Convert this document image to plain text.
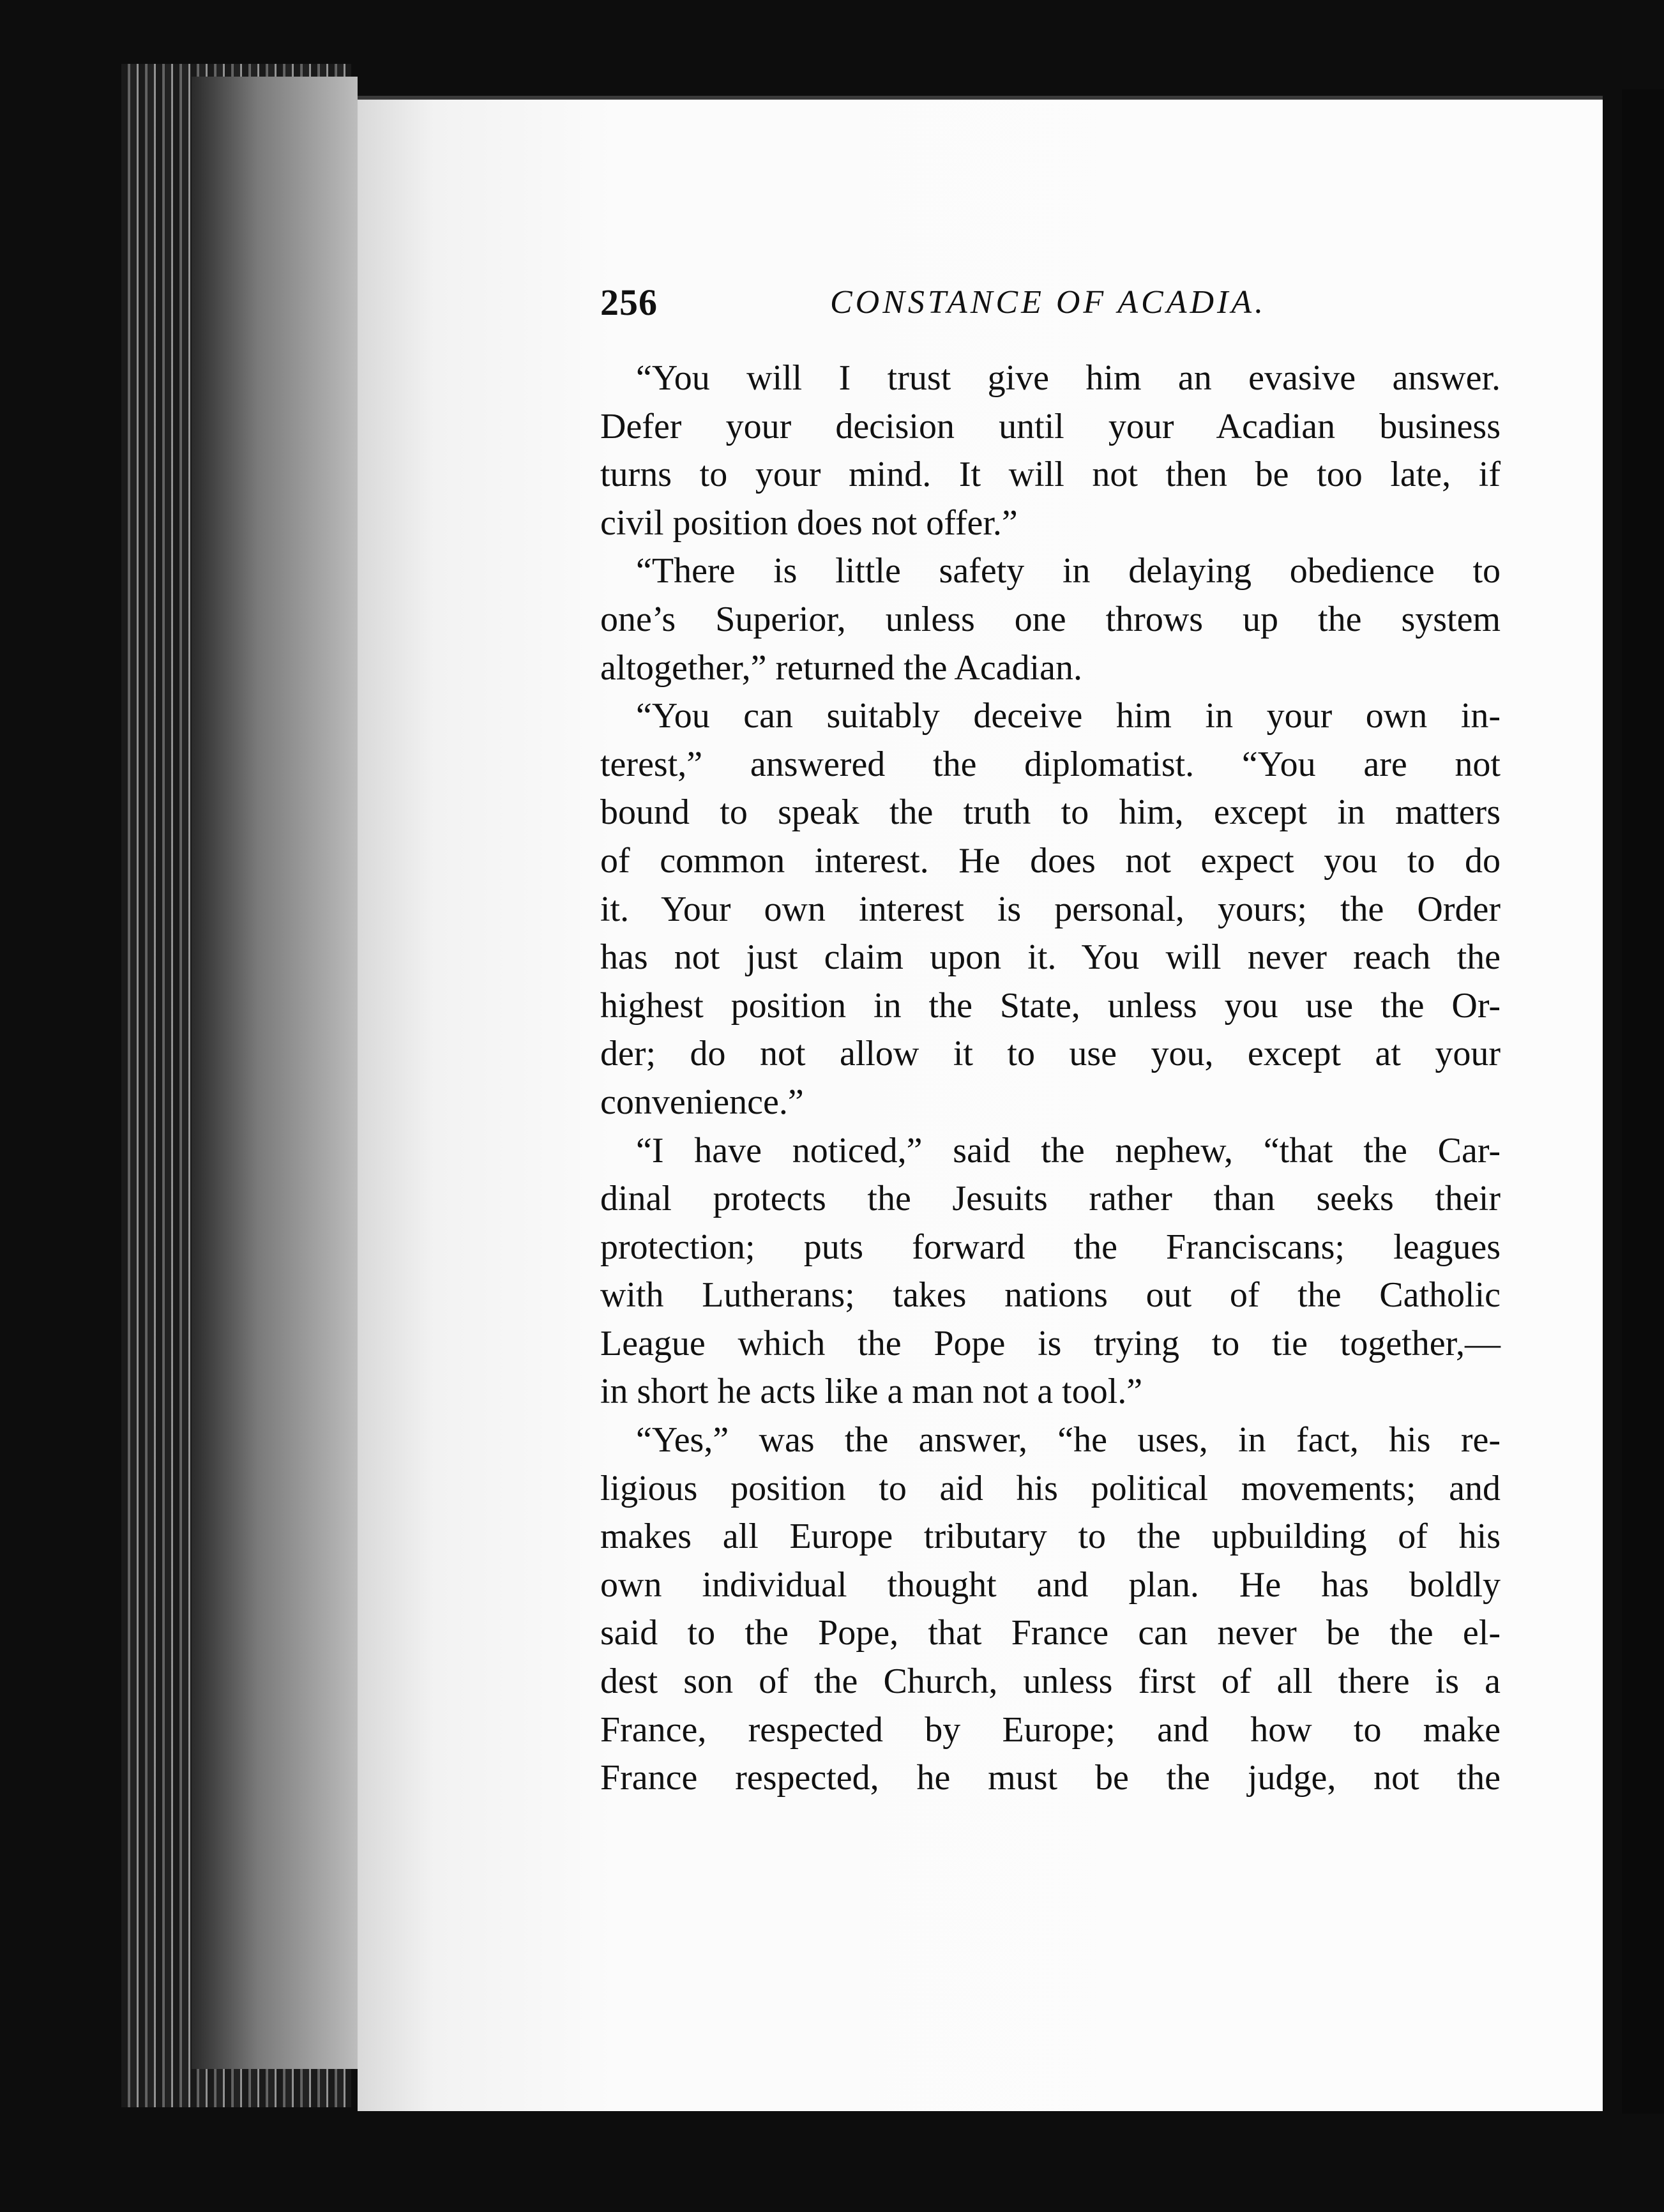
256	CONSTANCE OF ACADIA.
“You will I trust give him an evasive answer.
Defer your decision until your Acadian business
turns to your mind. It will not then be too late, if
civil position does not offer.”
“There is little safety in delaying obedience to
one’s Superior, unless one throws up the system
altogether,” returned the Acadian.
“You can suitably deceive him in your own in-
terest,” answered the diplomatist. “You are not
bound to speak the truth to him, except in matters
of common interest. He does not expect you to do
it. Your own interest is personal, yours; the Order
has not just claim upon it. You will never reach the
highest position in the State, unless you use the Or-
der; do not allow it to use you, except at your
convenience.”
“I have noticed,” said the nephew, “that the Car-
dinal protects the Jesuits rather than seeks their
protection; puts forward the Franciscans; leagues
with Lutherans; takes nations out of the Catholic
League which the Pope is trying to tie together,—
in short he acts like a man not a tool.”
“Yes,” was the answer, “he uses, in fact, his re-
ligious position to aid his political movements; and
makes all Europe tributary to the upbuilding of his
own individual thought and plan. He has boldly
said to the Pope, that France can never be the el-
dest son of the Church, unless first of all there is a
France, respected by Europe; and how to make
France respected, he must be the judge, not the
